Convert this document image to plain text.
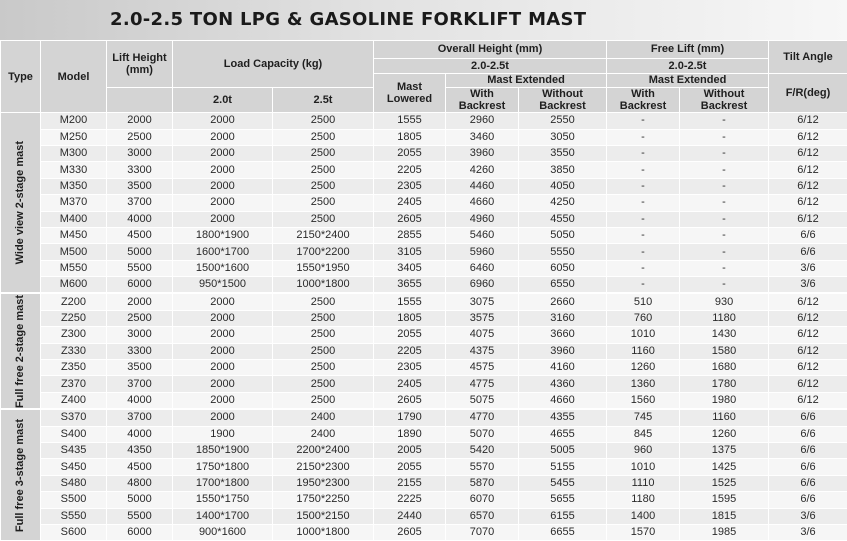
2.0-2.5 TON LPG & GASOLINE FORKLIFT MAST
Type	Model	Lift Height (mm)	Load Capacity (kg)		Overall Height (mm)			Free Lift (mm)		Tilt Angle
					2.0-2.5t			2.0-2.5t		
					Mast Lowered	Mast Extended		Mast Extended		F/R(deg)
			2.0t	2.5t		With Backrest	Without Backrest	With Backrest	Without Backrest	

Wide view 2-stage mast	M200	2000	2000	2500	1555	2960	2550	-	-	6/12
	M250	2500	2000	2500	1805	3460	3050	-	-	6/12
	M300	3000	2000	2500	2055	3960	3550	-	-	6/12
	M330	3300	2000	2500	2205	4260	3850	-	-	6/12
	M350	3500	2000	2500	2305	4460	4050	-	-	6/12
	M370	3700	2000	2500	2405	4660	4250	-	-	6/12
	M400	4000	2000	2500	2605	4960	4550	-	-	6/12
	M450	4500	1800*1900	2150*2400	2855	5460	5050	-	-	6/6
	M500	5000	1600*1700	1700*2200	3105	5960	5550	-	-	6/6
	M550	5500	1500*1600	1550*1950	3405	6460	6050	-	-	3/6
	M600	6000	950*1500	1000*1800	3655	6960	6550	-	-	3/6

Full free 2-stage mast	Z200	2000	2000	2500	1555	3075	2660	510	930	6/12
	Z250	2500	2000	2500	1805	3575	3160	760	1180	6/12
	Z300	3000	2000	2500	2055	4075	3660	1010	1430	6/12
	Z330	3300	2000	2500	2205	4375	3960	1160	1580	6/12
	Z350	3500	2000	2500	2305	4575	4160	1260	1680	6/12
	Z370	3700	2000	2500	2405	4775	4360	1360	1780	6/12
	Z400	4000	2000	2500	2605	5075	4660	1560	1980	6/12

Full free 3-stage mast	S370	3700	2000	2400	1790	4770	4355	745	1160	6/6
	S400	4000	1900	2400	1890	5070	4655	845	1260	6/6
	S435	4350	1850*1900	2200*2400	2005	5420	5005	960	1375	6/6
	S450	4500	1750*1800	2150*2300	2055	5570	5155	1010	1425	6/6
	S480	4800	1700*1800	1950*2300	2155	5870	5455	1110	1525	6/6
	S500	5000	1550*1750	1750*2250	2225	6070	5655	1180	1595	6/6
	S550	5500	1400*1700	1500*2150	2440	6570	6155	1400	1815	3/6
	S600	6000	900*1600	1000*1800	2605	7070	6655	1570	1985	3/6
